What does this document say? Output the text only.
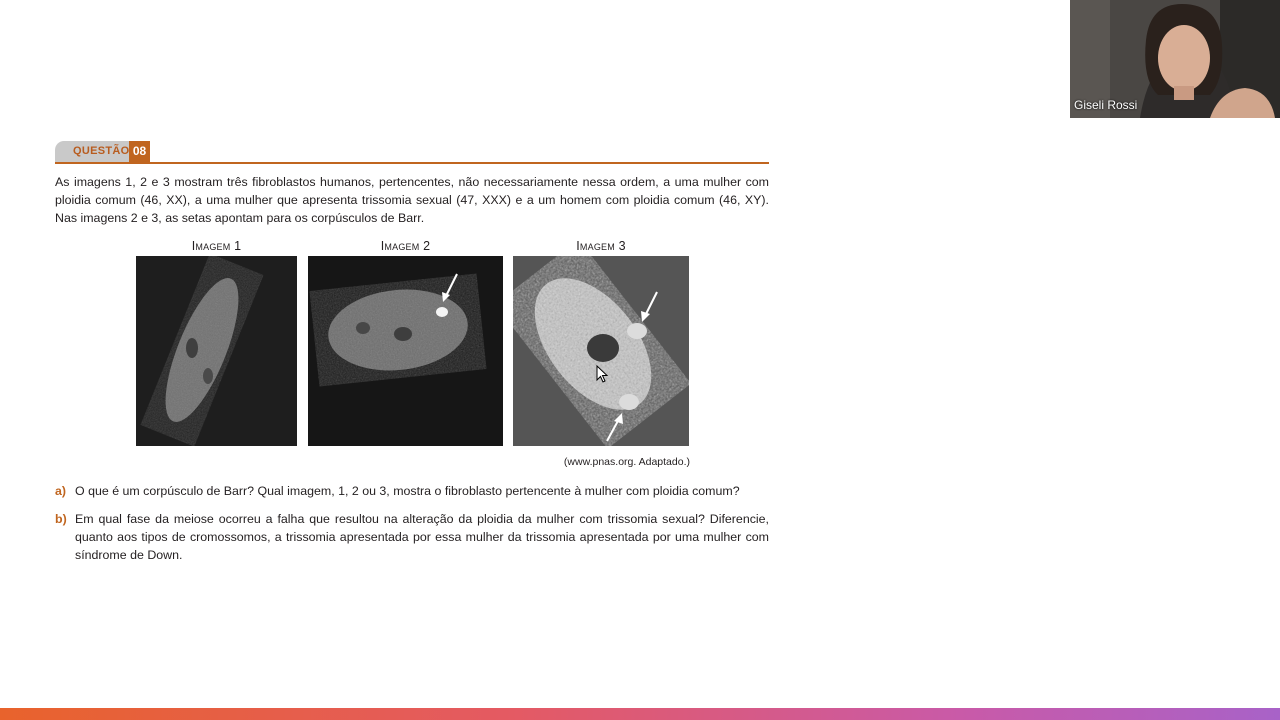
QUESTÃO 08

As imagens 1, 2 e 3 mostram três fibroblastos humanos, pertencentes, não necessariamente nessa ordem, a uma mulher com ploidia comum (46, XX), a uma mulher que apresenta trissomia sexual (47, XXX) e a um homem com ploidia comum (46, XY). Nas imagens 2 e 3, as setas apontam para os corpúsculos de Barr.

Imagem 1	Imagem 2	Imagem 3
(www.pnas.org. Adaptado.)
a) O que é um corpúsculo de Barr? Qual imagem, 1, 2 ou 3, mostra o fibroblasto pertencente à mulher com ploidia comum?

b) Em qual fase da meiose ocorreu a falha que resultou na alteração da ploidia da mulher com trissomia sexual? Diferencie, quanto aos tipos de cromossomos, a trissomia apresentada por essa mulher da trissomia apresentada por uma mulher com síndrome de Down.

Giseli Rossi
